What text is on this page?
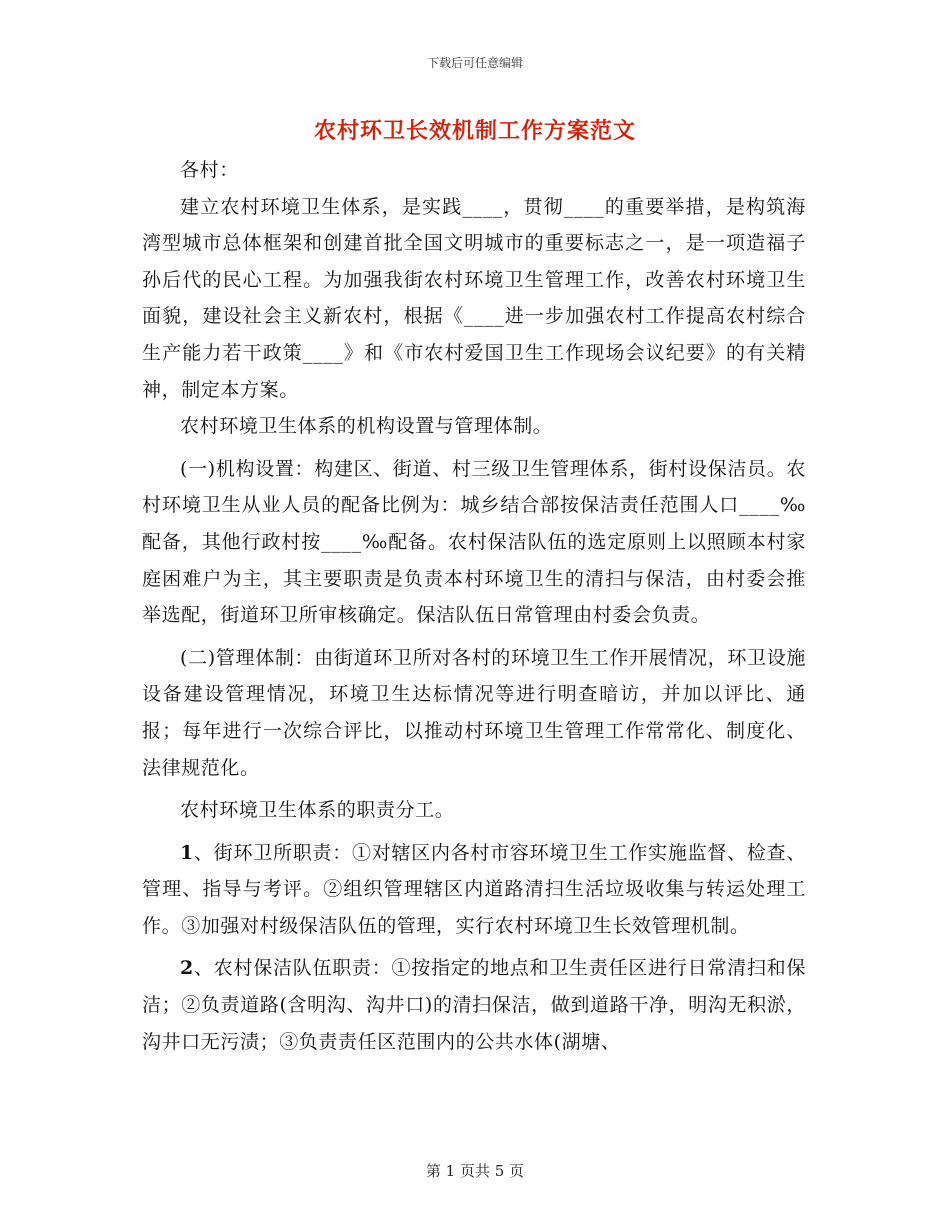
下载后可任意编辑
农村环卫长效机制工作方案范文

各村：

建立农村环境卫生体系，是实践____，贯彻____的重要举措，是构筑海湾型城市总体框架和创建首批全国文明城市的重要标志之一，是一项造福子孙后代的民心工程。为加强我街农村环境卫生管理工作，改善农村环境卫生面貌，建设社会主义新农村，根据《____进一步加强农村工作提高农村综合生产能力若干政策____》和《市农村爱国卫生工作现场会议纪要》的有关精神，制定本方案。

农村环境卫生体系的机构设置与管理体制。

(一)机构设置：构建区、街道、村三级卫生管理体系，街村设保洁员。农村环境卫生从业人员的配备比例为：城乡结合部按保洁责任范围人口____‰配备，其他行政村按____‰配备。农村保洁队伍的选定原则上以照顾本村家庭困难户为主，其主要职责是负责本村环境卫生的清扫与保洁，由村委会推举选配，街道环卫所审核确定。保洁队伍日常管理由村委会负责。

(二)管理体制：由街道环卫所对各村的环境卫生工作开展情况，环卫设施设备建设管理情况，环境卫生达标情况等进行明查暗访，并加以评比、通报；每年进行一次综合评比，以推动村环境卫生管理工作常常化、制度化、法律规范化。

农村环境卫生体系的职责分工。

1、街环卫所职责：①对辖区内各村市容环境卫生工作实施监督、检查、管理、指导与考评。②组织管理辖区内道路清扫生活垃圾收集与转运处理工作。③加强对村级保洁队伍的管理，实行农村环境卫生长效管理机制。

2、农村保洁队伍职责：①按指定的地点和卫生责任区进行日常清扫和保洁；②负责道路(含明沟、沟井口)的清扫保洁，做到道路干净，明沟无积淤，沟井口无污渍；③负责责任区范围内的公共水体(湖塘、

第 1 页共 5 页
